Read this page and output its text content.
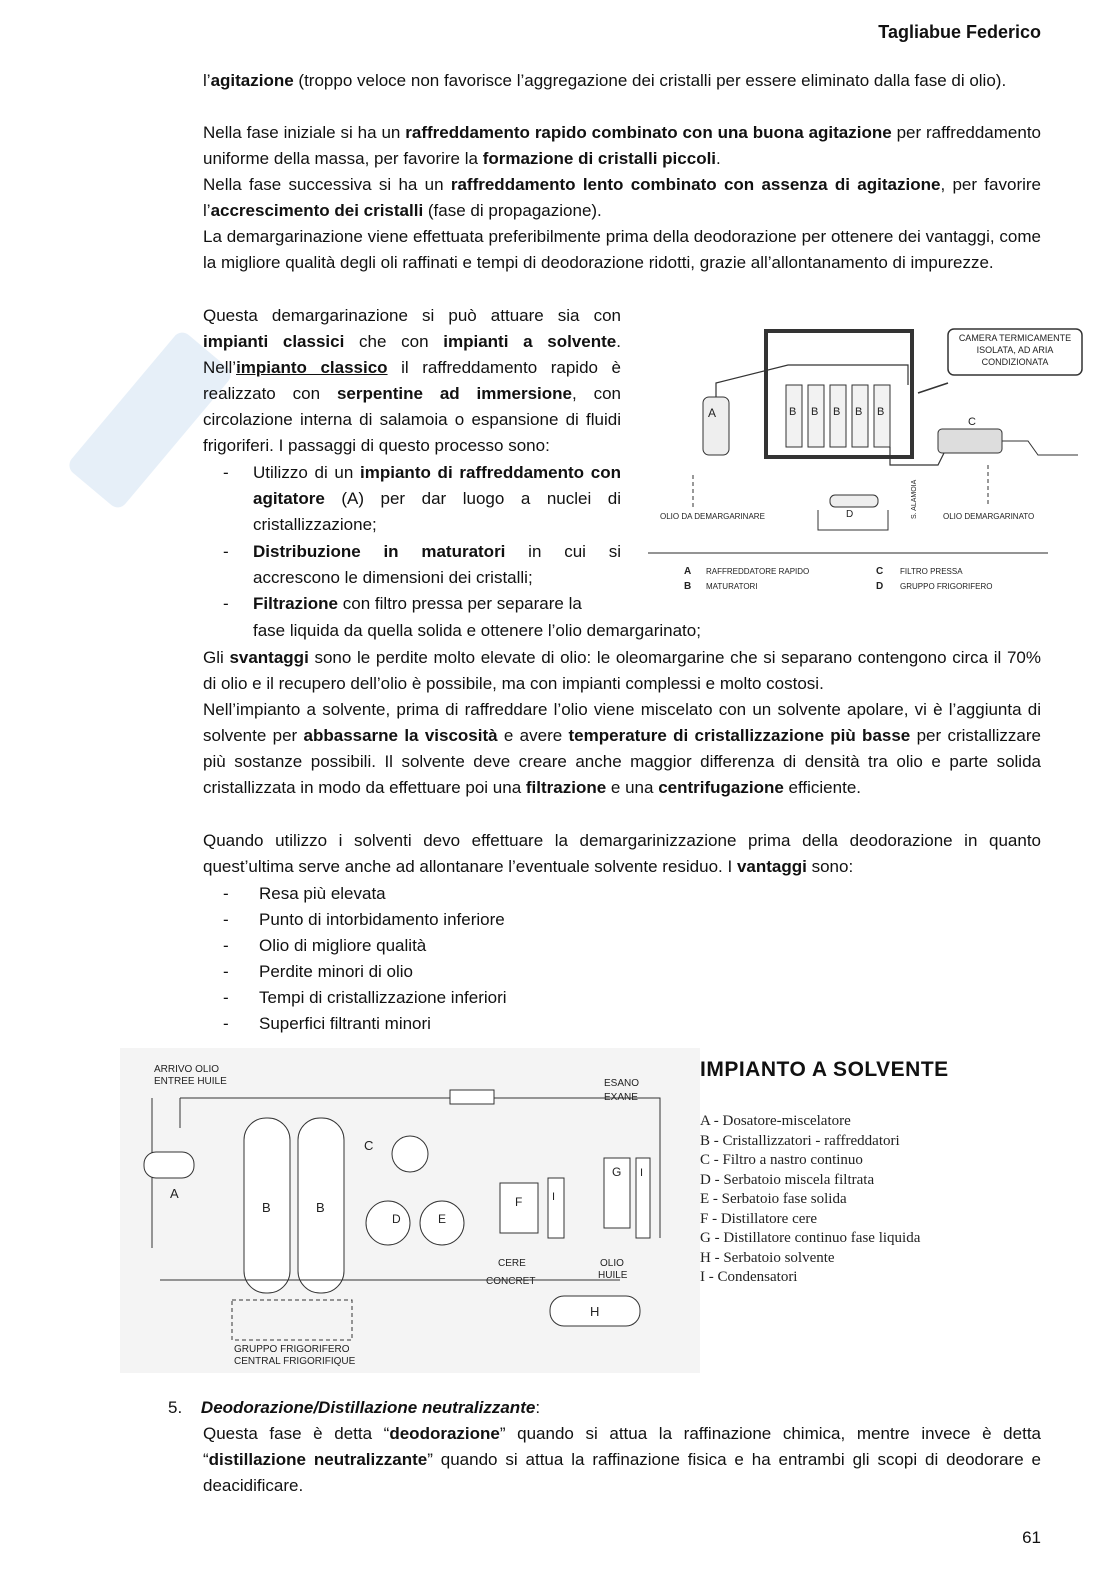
Tagliabue Federico

l’agitazione (troppo veloce non favorisce l’aggregazione dei cristalli per essere eliminato dalla fase di olio).

Nella fase iniziale si ha un raffreddamento rapido combinato con una buona agitazione per raffreddamento uniforme della massa, per favorire la formazione di cristalli piccoli.

Nella fase successiva si ha un raffreddamento lento combinato con assenza di agitazione, per favorire l’accrescimento dei cristalli (fase di propagazione).

La demargarinazione viene effettuata preferibilmente prima della deodorazione per ottenere dei vantaggi, come la migliore qualità degli oli raffinati e tempi di deodorazione ridotti, grazie all’allontanamento di impurezze.

Questa demargarinazione si può attuare sia con impianti classici che con impianti a solvente. Nell’impianto classico il raffreddamento rapido è realizzato con serpentine ad immersione, con circolazione interna di salamoia o espansione di fluidi frigoriferi. I passaggi di questo processo sono:

- Utilizzo di un impianto di raffreddamento con agitatore (A) per dar luogo a nuclei di cristallizzazione;

- Distribuzione in maturatori in cui si accrescono le dimensioni dei cristalli;

- Filtrazione con filtro pressa per separare la

fase liquida da quella solida e ottenere l’olio demargarinato;

CAMERA TERMICAMENTE
ISOLATA, AD ARIA
CONDIZIONATA
A	B B B B B
C
D	S. ALAMOIA
OLIO DA DEMARGARINARE	OLIO DEMARGARINATO
A RAFFREDDATORE RAPIDO
B MATURATORI
C FILTRO PRESSA
D GRUPPO FRIGORIFERO

Gli svantaggi sono le perdite molto elevate di olio: le oleomargarine che si separano contengono circa il 70% di olio e il recupero dell’olio è possibile, ma con impianti complessi e molto costosi.

Nell’impianto a solvente, prima di raffreddare l’olio viene miscelato con un solvente apolare, vi è l’aggiunta di solvente per abbassarne la viscosità e avere temperature di cristallizzazione più basse per cristallizzare più sostanze possibili. Il solvente deve creare anche maggior differenza di densità tra olio e parte solida cristallizzata in modo da effettuare poi una filtrazione e una centrifugazione efficiente.

Quando utilizzo i solventi devo effettuare la demargarinizzazione prima della deodorazione in quanto quest’ultima serve anche ad allontanare l’eventuale solvente residuo. I vantaggi sono:

- Resa più elevata
- Punto di intorbidamento inferiore
- Olio di migliore qualità
- Perdite minori di olio
- Tempi di cristallizzazione inferiori
- Superfici filtranti minori
ARRIVO OLIO
ENTREE HUILE	ESANO
EXANE
A
B	B
C
D	E
F	I
G I
CERE
CONCRET
OLIO
HUILE
H
GRUPPO FRIGORIFERO
CENTRAL FRIGORIFIQUE
IMPIANTO A SOLVENTE
A - Dosatore-miscelatore
B - Cristallizzatori - raffreddatori
C - Filtro a nastro continuo
D - Serbatoio miscela filtrata
E - Serbatoio fase solida
F - Distillatore cere
G - Distillatore continuo fase liquida
H - Serbatoio solvente
I - Condensatori
5. Deodorazione/Distillazione neutralizzante:

Questa fase è detta “deodorazione” quando si attua la raffinazione chimica, mentre invece è detta “distillazione neutralizzante” quando si attua la raffinazione fisica e ha entrambi gli scopi di deodorare e deacidificare.

61
